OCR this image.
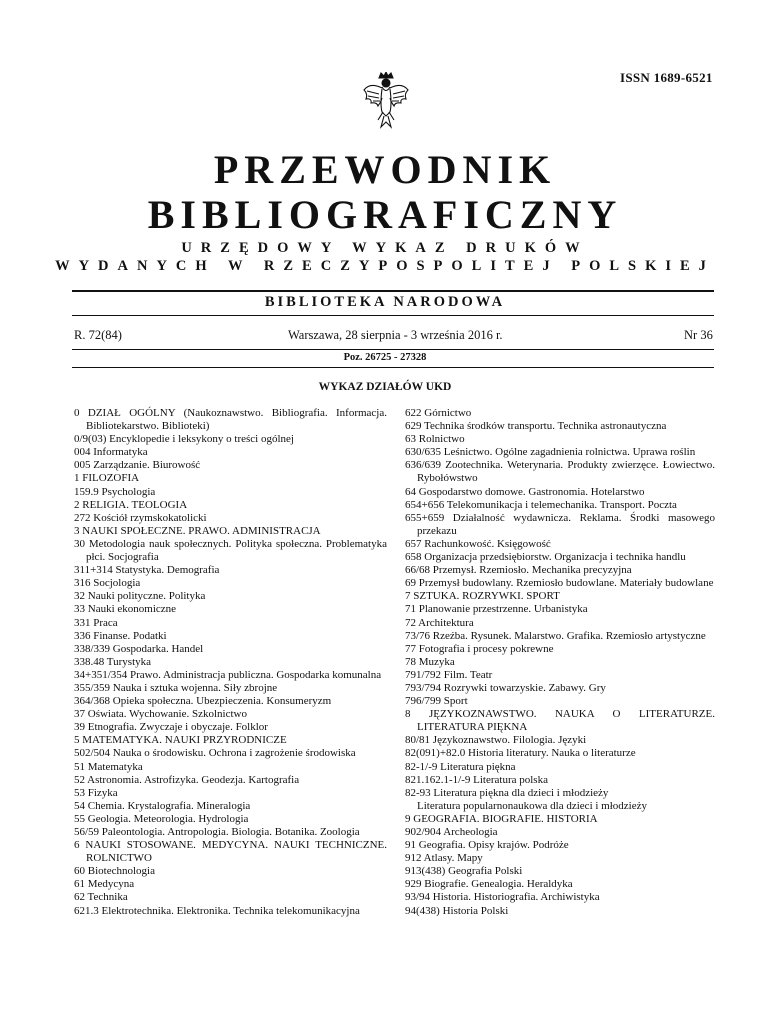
ISSN 1689-6521
PRZEWODNIK
BIBLIOGRAFICZNY
URZĘDOWY WYKAZ DRUKÓW
WYDANYCH W RZECZYPOSPOLITEJ POLSKIEJ
BIBLIOTEKA NARODOWA
R. 72(84)	Warszawa, 28 sierpnia - 3 września 2016 r.	Nr 36
Poz. 26725 - 27328
WYKAZ DZIAŁÓW UKD
0 DZIAŁ OGÓLNY (Naukoznawstwo. Bibliografia. Informacja. Bibliotekarstwo. Biblioteki)
0/9(03) Encyklopedie i leksykony o treści ogólnej
004 Informatyka
005 Zarządzanie. Biurowość
1 FILOZOFIA
159.9 Psychologia
2 RELIGIA. TEOLOGIA
272 Kościół rzymskokatolicki
3 NAUKI SPOŁECZNE. PRAWO. ADMINISTRACJA
30 Metodologia nauk społecznych. Polityka społeczna. Problematyka płci. Socjografia
311+314 Statystyka. Demografia
316 Socjologia
32 Nauki polityczne. Polityka
33 Nauki ekonomiczne
331 Praca
336 Finanse. Podatki
338/339 Gospodarka. Handel
338.48 Turystyka
34+351/354 Prawo. Administracja publiczna. Gospodarka komunalna
355/359 Nauka i sztuka wojenna. Siły zbrojne
364/368 Opieka społeczna. Ubezpieczenia. Konsumeryzm
37 Oświata. Wychowanie. Szkolnictwo
39 Etnografia. Zwyczaje i obyczaje. Folklor
5 MATEMATYKA. NAUKI PRZYRODNICZE
502/504 Nauka o środowisku. Ochrona i zagrożenie środowiska
51 Matematyka
52 Astronomia. Astrofizyka. Geodezja. Kartografia
53 Fizyka
54 Chemia. Krystalografia. Mineralogia
55 Geologia. Meteorologia. Hydrologia
56/59 Paleontologia. Antropologia. Biologia. Botanika. Zoologia
6 NAUKI STOSOWANE. MEDYCYNA. NAUKI TECHNICZNE. ROLNICTWO
60 Biotechnologia
61 Medycyna
62 Technika
621.3 Elektrotechnika. Elektronika. Technika telekomunikacyjna
622 Górnictwo
629 Technika środków transportu. Technika astronautyczna
63 Rolnictwo
630/635 Leśnictwo. Ogólne zagadnienia rolnictwa. Uprawa roślin
636/639 Zootechnika. Weterynaria. Produkty zwierzęce. Łowiectwo. Rybołówstwo
64 Gospodarstwo domowe. Gastronomia. Hotelarstwo
654+656 Telekomunikacja i telemechanika. Transport. Poczta
655+659 Działalność wydawnicza. Reklama. Środki masowego przekazu
657 Rachunkowość. Księgowość
658 Organizacja przedsiębiorstw. Organizacja i technika handlu
66/68 Przemysł. Rzemiosło. Mechanika precyzyjna
69 Przemysł budowlany. Rzemiosło budowlane. Materiały budowlane
7 SZTUKA. ROZRYWKI. SPORT
71 Planowanie przestrzenne. Urbanistyka
72 Architektura
73/76 Rzeźba. Rysunek. Malarstwo. Grafika. Rzemiosło artystyczne
77 Fotografia i procesy pokrewne
78 Muzyka
791/792 Film. Teatr
793/794 Rozrywki towarzyskie. Zabawy. Gry
796/799 Sport
8 JĘZYKOZNAWSTWO. NAUKA O LITERATURZE. LITERATURA PIĘKNA
80/81 Językoznawstwo. Filologia. Języki
82(091)+82.0 Historia literatury. Nauka o literaturze
82-1/-9 Literatura piękna
821.162.1-1/-9 Literatura polska
82-93 Literatura piękna dla dzieci i młodzieży
Literatura popularnonaukowa dla dzieci i młodzieży
9 GEOGRAFIA. BIOGRAFIE. HISTORIA
902/904 Archeologia
91 Geografia. Opisy krajów. Podróże
912 Atlasy. Mapy
913(438) Geografia Polski
929 Biografie. Genealogia. Heraldyka
93/94 Historia. Historiografia. Archiwistyka
94(438) Historia Polski
